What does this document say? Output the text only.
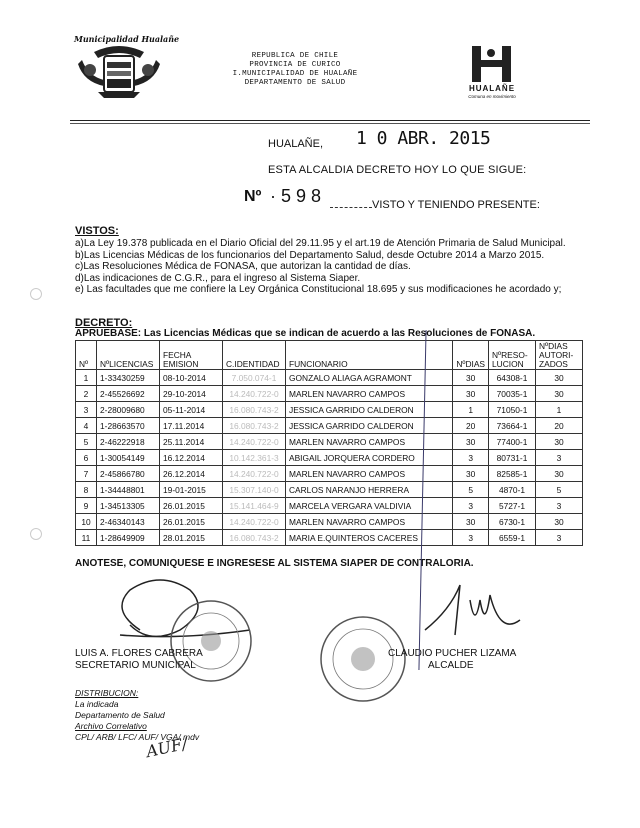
Municipalidad Hualañe
REPUBLICA DE CHILE
PROVINCIA DE CURICO
I.MUNICIPALIDAD DE HUALAÑE
DEPARTAMENTO DE SALUD
HUALAÑE
Comuna en movimiento
HUALAÑE, 1 0 ABR. 2015
ESTA ALCALDIA DECRETO HOY LO QUE SIGUE:
Nº · 5 9 8	VISTO Y TENIENDO PRESENTE:
VISTOS:
a)La Ley 19.378 publicada en el Diario Oficial del 29.11.95 y el art.19 de Atención Primaria de Salud Municipal.
b)Las Licencias Médicas de los funcionarios del Departamento Salud, desde Octubre 2014 a Marzo 2015.
c)Las Resoluciones Médica de FONASA, que autorizan la cantidad de días.
d)Las indicaciones de C.G.R., para el ingreso al Sistema Siaper.
e) Las facultades que me confiere la Ley Orgánica Constitucional 18.695 y sus modificaciones he acordado y;
DECRETO:
APRUEBASE: Las Licencias Médicas que se indican de acuerdo a las Resoluciones de FONASA.
Nº	NºLICENCIAS	FECHA EMISION	C.IDENTIDAD	FUNCIONARIO	NºDIAS	NºRESO-LUCION	NºDIAS AUTORI-ZADOS
1	1-33430259	08-10-2014	7.050.074-1	GONZALO ALIAGA AGRAMONT	30	64308-1	30
2	2-45526692	29-10-2014	14.240.722-0	MARLEN NAVARRO CAMPOS	30	70035-1	30
3	2-28009680	05-11-2014	16.080.743-2	JESSICA GARRIDO CALDERON	1	71050-1	1
4	1-28663570	17.11.2014	16.080.743-2	JESSICA GARRIDO CALDERON	20	73664-1	20
5	2-46222918	25.11.2014	14.240.722-0	MARLEN NAVARRO CAMPOS	30	77400-1	30
6	1-30054149	16.12.2014	10.142.361-3	ABIGAIL JORQUERA CORDERO	3	80731-1	3
7	2-45866780	26.12.2014	14.240.722-0	MARLEN NAVARRO CAMPOS	30	82585-1	30
8	1-34448801	19-01-2015	15.307.140-0	CARLOS NARANJO HERRERA	5	4870-1	5
9	1-34513305	26.01.2015	15.141.464-9	MARCELA VERGARA VALDIVIA	3	5727-1	3
10	2-46340143	26.01.2015	14.240.722-0	MARLEN NAVARRO CAMPOS	30	6730-1	30
11	1-28649909	28.01.2015	16.080.743-2	MARIA E.QUINTEROS CACERES	3	6559-1	3
ANOTESE, COMUNIQUESE E INGRESESE AL SISTEMA SIAPER DE CONTRALORIA.
LUIS A. FLORES CABRERA
SECRETARIO MUNICIPAL
CLAUDIO PUCHER LIZAMA
ALCALDE
DISTRIBUCION:
La indicada
Departamento de Salud
Archivo Correlativo
CPL/ ARB/ LFC/ AUF/ VGA/ mdv
AUF/
